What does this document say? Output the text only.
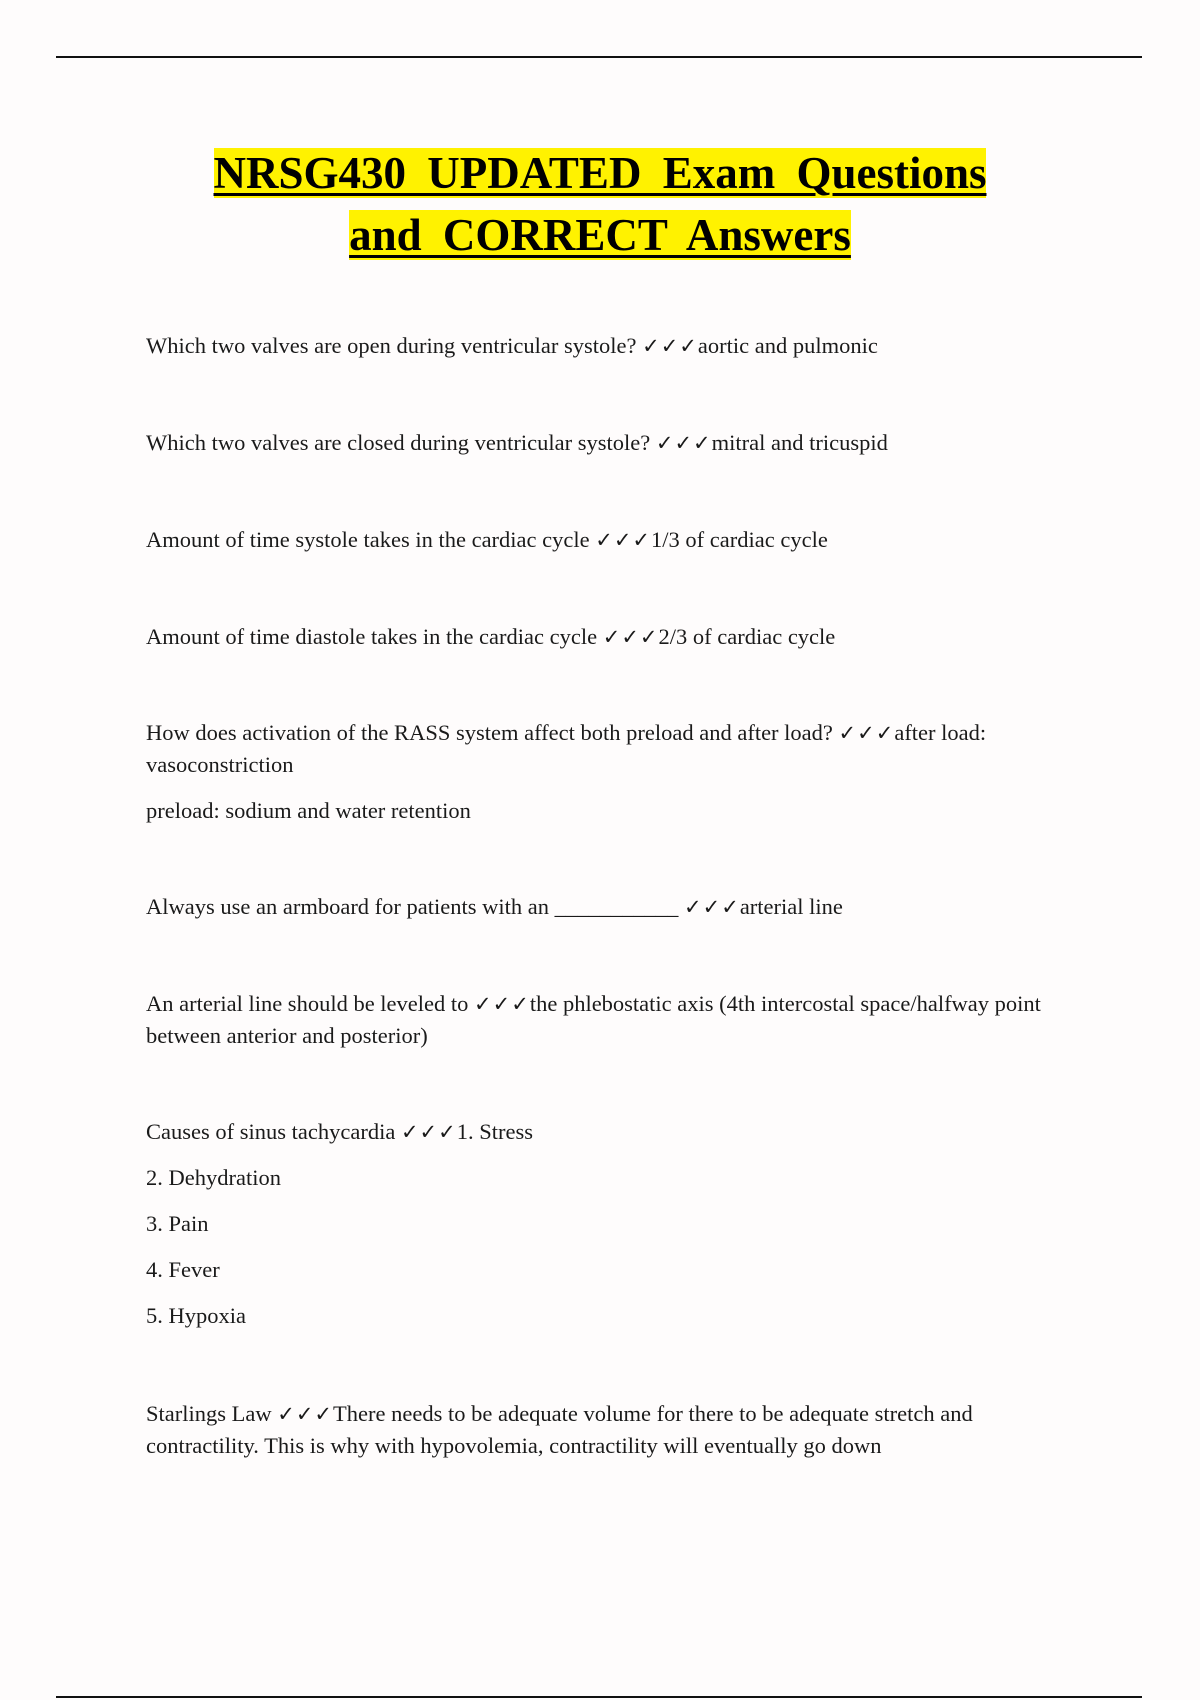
NRSG430 UPDATED Exam Questions
and CORRECT Answers

Which two valves are open during ventricular systole? ✓✓✓aortic and pulmonic

Which two valves are closed during ventricular systole? ✓✓✓mitral and tricuspid

Amount of time systole takes in the cardiac cycle ✓✓✓1/3 of cardiac cycle

Amount of time diastole takes in the cardiac cycle ✓✓✓2/3 of cardiac cycle

How does activation of the RASS system affect both preload and after load? ✓✓✓after load: vasoconstriction

preload: sodium and water retention

Always use an armboard for patients with an ___________ ✓✓✓arterial line

An arterial line should be leveled to ✓✓✓the phlebostatic axis (4th intercostal space/halfway point between anterior and posterior)

Causes of sinus tachycardia ✓✓✓1. Stress

2. Dehydration

3. Pain

4. Fever

5. Hypoxia

Starlings Law ✓✓✓There needs to be adequate volume for there to be adequate stretch and contractility. This is why with hypovolemia, contractility will eventually go down
